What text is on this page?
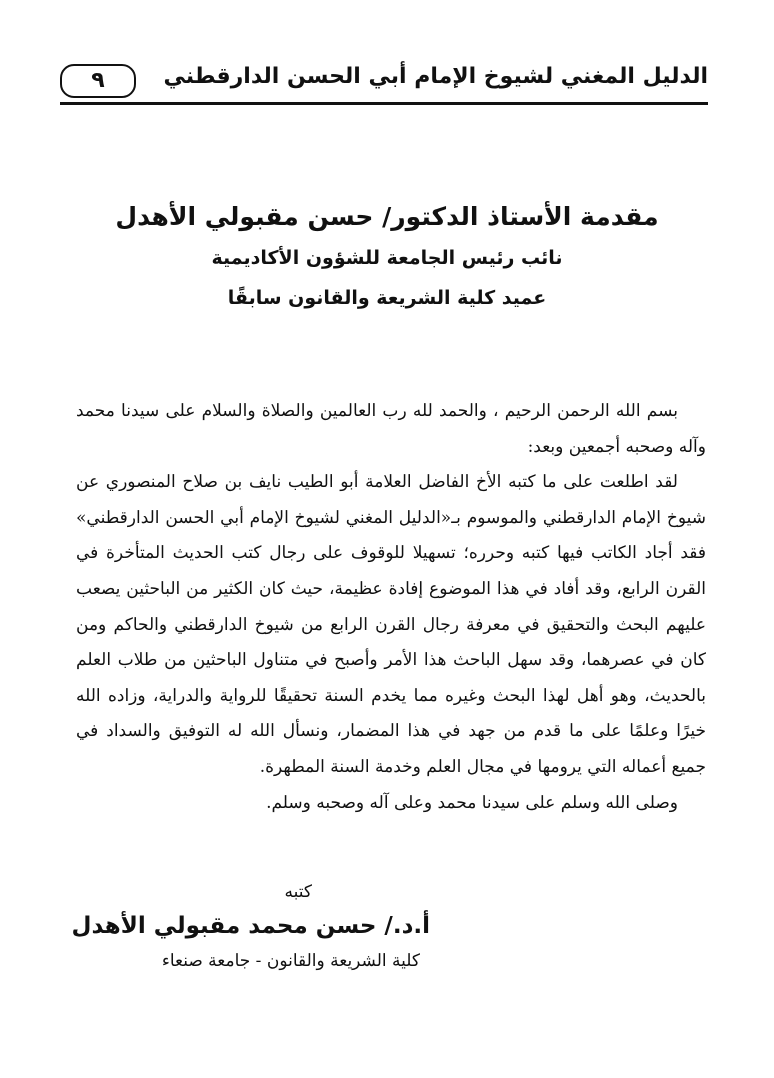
الدليل المغني لشيوخ الإمام أبي الحسن الدارقطني
٩

مقدمة الأستاذ الدكتور/ حسن مقبولي الأهدل

نائب رئيس الجامعة للشؤون الأكاديمية

عميد كلية الشريعة والقانون سابقًا

بسم الله الرحمن الرحيم ، والحمد لله رب العالمين والصلاة والسلام على سيدنا محمد وآله وصحبه أجمعين وبعد:

لقد اطلعت على ما كتبه الأخ الفاضل العلامة أبو الطيب نايف بن صلاح المنصوري عن شيوخ الإمام الدارقطني والموسوم بـ«الدليل المغني لشيوخ الإمام أبي الحسن الدارقطني» فقد أجاد الكاتب فيها كتبه وحرره؛ تسهيلا للوقوف على رجال كتب الحديث المتأخرة في القرن الرابع، وقد أفاد في هذا الموضوع إفادة عظيمة، حيث كان الكثير من الباحثين يصعب عليهم البحث والتحقيق في معرفة رجال القرن الرابع من شيوخ الدارقطني والحاكم ومن كان في عصرهما، وقد سهل الباحث هذا الأمر وأصبح في متناول الباحثين من طلاب العلم بالحديث، وهو أهل لهذا البحث وغيره مما يخدم السنة تحقيقًا للرواية والدراية، وزاده الله خيرًا وعلمًا على ما قدم من جهد في هذا المضمار، ونسأل الله له التوفيق والسداد في جميع أعماله التي يرومها في مجال العلم وخدمة السنة المطهرة.

وصلى الله وسلم على سيدنا محمد وعلى آله وصحبه وسلم.

كتبه

أ.د./ حسن محمد مقبولي الأهدل

كلية الشريعة والقانون - جامعة صنعاء
